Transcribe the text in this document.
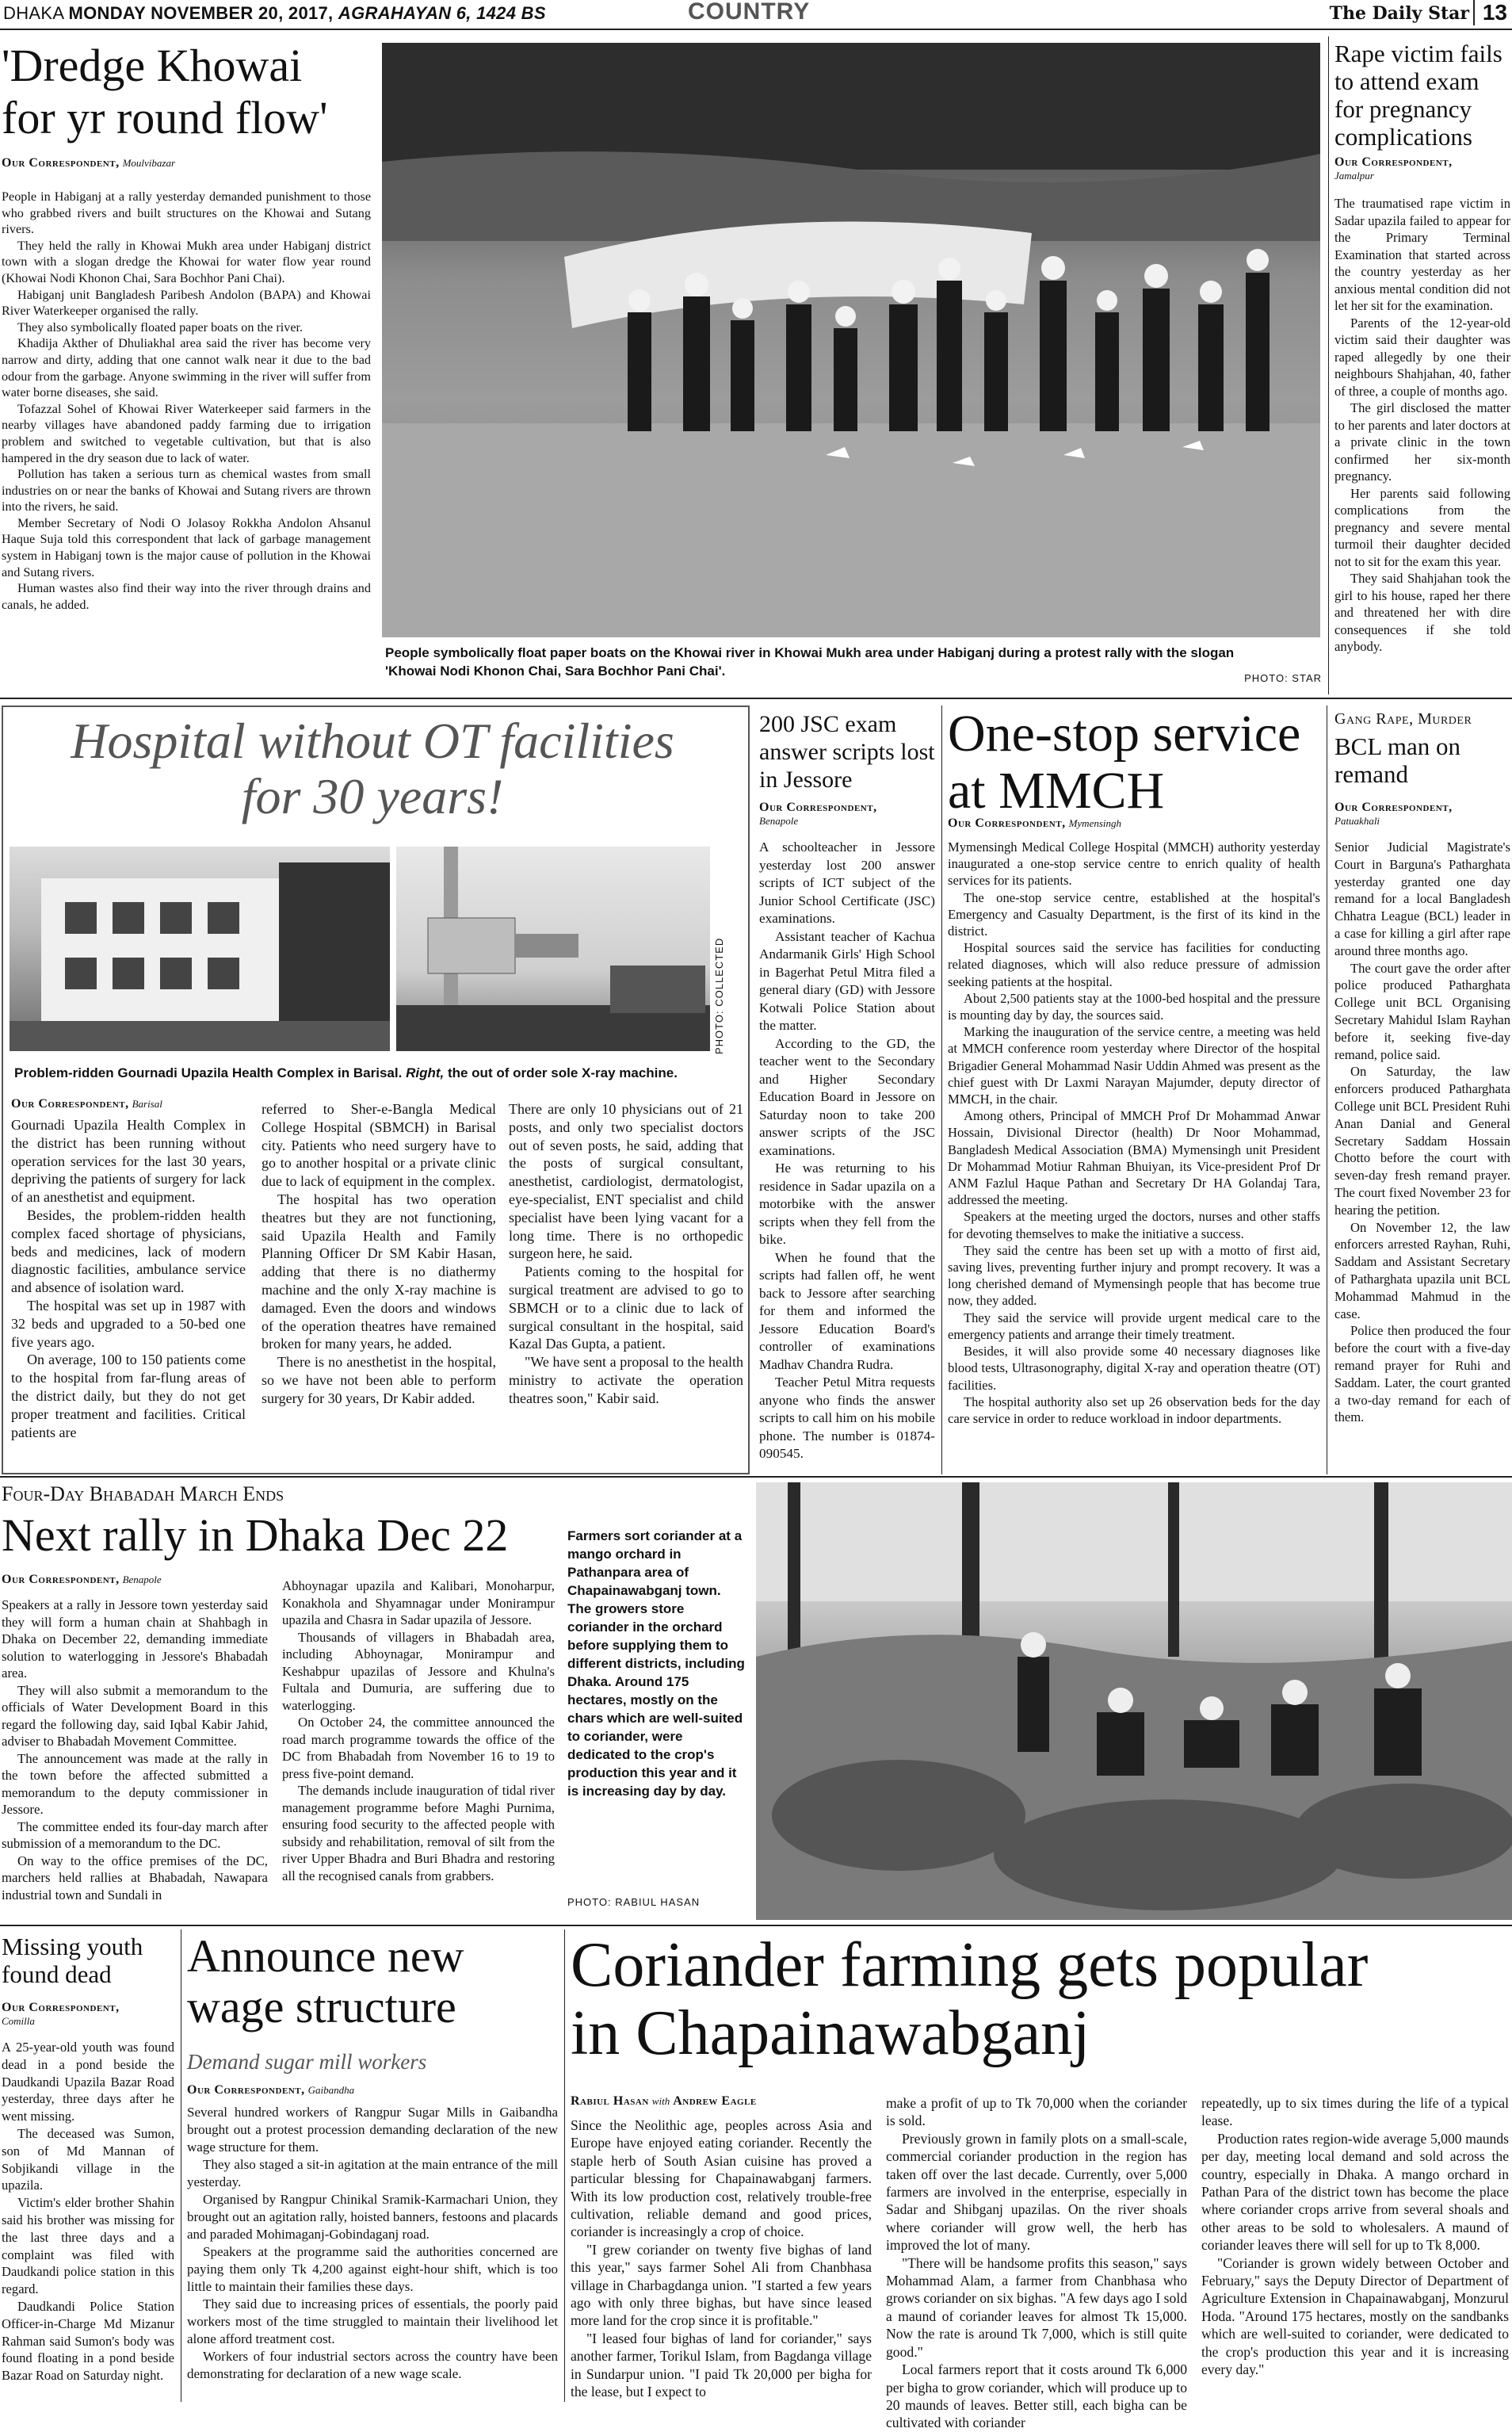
DHAKA MONDAY NOVEMBER 20, 2017, AGRAHAYAN 6, 1424 BS	COUNTRY	The Daily Star 13
'Dredge Khowai
for yr round flow'
Our Correspondent, Moulvibazar

People in Habiganj at a rally yesterday demanded punishment to those who grabbed rivers and built structures on the Khowai and Sutang rivers.

They held the rally in Khowai Mukh area under Habiganj district town with a slogan dredge the Khowai for water flow year round (Khowai Nodi Khonon Chai, Sara Bochhor Pani Chai).

Habiganj unit Bangladesh Paribesh Andolon (BAPA) and Khowai River Waterkeeper organised the rally.

They also symbolically floated paper boats on the river.

Khadija Akther of Dhuliakhal area said the river has become very narrow and dirty, adding that one cannot walk near it due to the bad odour from the garbage. Anyone swimming in the river will suffer from water borne diseases, she said.

Tofazzal Sohel of Khowai River Waterkeeper said farmers in the nearby villages have abandoned paddy farming due to irrigation problem and switched to vegetable cultivation, but that is also hampered in the dry season due to lack of water.

Pollution has taken a serious turn as chemical wastes from small industries on or near the banks of Khowai and Sutang rivers are thrown into the rivers, he said.

Member Secretary of Nodi O Jolasoy Rokkha Andolon Ahsanul Haque Suja told this correspondent that lack of garbage management system in Habiganj town is the major cause of pollution in the Khowai and Sutang rivers.

Human wastes also find their way into the river through drains and canals, he added.

People symbolically float paper boats on the Khowai river in Khowai Mukh area under Habiganj during a protest rally with the slogan 'Khowai Nodi Khonon Chai, Sara Bochhor Pani Chai'.	PHOTO: STAR
Rape victim fails to attend exam for pregnancy complications
Our Correspondent,
Jamalpur

The traumatised rape victim in Sadar upazila failed to appear for the Primary Terminal Examination that started across the country yesterday as her anxious mental condition did not let her sit for the examination.

Parents of the 12-year-old victim said their daughter was raped allegedly by one their neighbours Shahjahan, 40, father of three, a couple of months ago.

The girl disclosed the matter to her parents and later doctors at a private clinic in the town confirmed her six-month pregnancy.

Her parents said following complications from the pregnancy and severe mental turmoil their daughter decided not to sit for the exam this year.

They said Shahjahan took the girl to his house, raped her there and threatened her with dire consequences if she told anybody.

Hospital without OT facilities
for 30 years!
PHOTO: COLLECTED
Problem-ridden Gournadi Upazila Health Complex in Barisal. Right, the out of order sole X-ray machine.
Our Correspondent, Barisal

Gournadi Upazila Health Complex in the district has been running without operation services for the last 30 years, depriving the patients of surgery for lack of an anesthetist and equipment.

Besides, the problem-ridden health complex faced shortage of physicians, beds and medicines, lack of modern diagnostic facilities, ambulance service and absence of isolation ward.

The hospital was set up in 1987 with 32 beds and upgraded to a 50-bed one five years ago.

On average, 100 to 150 patients come to the hospital from far-flung areas of the district daily, but they do not get proper treatment and facilities. Critical patients are

referred to Sher-e-Bangla Medical College Hospital (SBMCH) in Barisal city. Patients who need surgery have to go to another hospital or a private clinic due to lack of equipment in the complex.

The hospital has two operation theatres but they are not functioning, said Upazila Health and Family Planning Officer Dr SM Kabir Hasan, adding that there is no diathermy machine and the only X-ray machine is damaged. Even the doors and windows of the operation theatres have remained broken for many years, he added.

There is no anesthetist in the hospital, so we have not been able to perform surgery for 30 years, Dr Kabir added.

There are only 10 physicians out of 21 posts, and only two specialist doctors out of seven posts, he said, adding that the posts of surgical consultant, anesthetist, cardiologist, dermatologist, eye-specialist, ENT specialist and child specialist have been lying vacant for a long time. There is no orthopedic surgeon here, he said.

Patients coming to the hospital for surgical treatment are advised to go to SBMCH or to a clinic due to lack of surgical consultant in the hospital, said Kazal Das Gupta, a patient.

"We have sent a proposal to the health ministry to activate the operation theatres soon," Kabir said.

200 JSC exam answer scripts lost in Jessore
Our Correspondent,
Benapole

A schoolteacher in Jessore yesterday lost 200 answer scripts of ICT subject of the Junior School Certificate (JSC) examinations.

Assistant teacher of Kachua Andarmanik Girls' High School in Bagerhat Petul Mitra filed a general diary (GD) with Jessore Kotwali Police Station about the matter.

According to the GD, the teacher went to the Secondary and Higher Secondary Education Board in Jessore on Saturday noon to take 200 answer scripts of the JSC examinations.

He was returning to his residence in Sadar upazila on a motorbike with the answer scripts when they fell from the bike.

When he found that the scripts had fallen off, he went back to Jessore after searching for them and informed the Jessore Education Board's controller of examinations Madhav Chandra Rudra.

Teacher Petul Mitra requests anyone who finds the answer scripts to call him on his mobile phone. The number is 01874-090545.

One-stop service
at MMCH
Our Correspondent, Mymensingh

Mymensingh Medical College Hospital (MMCH) authority yesterday inaugurated a one-stop service centre to enrich quality of health services for its patients.

The one-stop service centre, established at the hospital's Emergency and Casualty Department, is the first of its kind in the district.

Hospital sources said the service has facilities for conducting related diagnoses, which will also reduce pressure of admission seeking patients at the hospital.

About 2,500 patients stay at the 1000-bed hospital and the pressure is mounting day by day, the sources said.

Marking the inauguration of the service centre, a meeting was held at MMCH conference room yesterday where Director of the hospital Brigadier General Mohammad Nasir Uddin Ahmed was present as the chief guest with Dr Laxmi Narayan Majumder, deputy director of MMCH, in the chair.

Among others, Principal of MMCH Prof Dr Mohammad Anwar Hossain, Divisional Director (health) Dr Noor Mohammad, Bangladesh Medical Association (BMA) Mymensingh unit President Dr Mohammad Motiur Rahman Bhuiyan, its Vice-president Prof Dr ANM Fazlul Haque Pathan and Secretary Dr HA Golandaj Tara, addressed the meeting.

Speakers at the meeting urged the doctors, nurses and other staffs for devoting themselves to make the initiative a success.

They said the centre has been set up with a motto of first aid, saving lives, preventing further injury and prompt recovery. It was a long cherished demand of Mymensingh people that has become true now, they added.

They said the service will provide urgent medical care to the emergency patients and arrange their timely treatment.

Besides, it will also provide some 40 necessary diagnoses like blood tests, Ultrasonography, digital X-ray and operation theatre (OT) facilities.

The hospital authority also set up 26 observation beds for the day care service in order to reduce workload in indoor departments.

Gang Rape, Murder
BCL man on remand
Our Correspondent,
Patuakhali

Senior Judicial Magistrate's Court in Barguna's Patharghata yesterday granted one day remand for a local Bangladesh Chhatra League (BCL) leader in a case for killing a girl after rape around three months ago.

The court gave the order after police produced Patharghata College unit BCL Organising Secretary Mahidul Islam Rayhan before it, seeking five-day remand, police said.

On Saturday, the law enforcers produced Patharghata College unit BCL President Ruhi Anan Danial and General Secretary Saddam Hossain Chotto before the court with seven-day fresh remand prayer. The court fixed November 23 for hearing the petition.

On November 12, the law enforcers arrested Rayhan, Ruhi, Saddam and Assistant Secretary of Patharghata upazila unit BCL Mohammad Mahmud in the case.

Police then produced the four before the court with a five-day remand prayer for Ruhi and Saddam. Later, the court granted a two-day remand for each of them.

Four-Day Bhabadah March Ends
Next rally in Dhaka Dec 22
Our Correspondent, Benapole

Speakers at a rally in Jessore town yesterday said they will form a human chain at Shahbagh in Dhaka on December 22, demanding immediate solution to waterlogging in Jessore's Bhabadah area.

They will also submit a memorandum to the officials of Water Development Board in this regard the following day, said Iqbal Kabir Jahid, adviser to Bhabadah Movement Committee.

The announcement was made at the rally in the town before the affected submitted a memorandum to the deputy commissioner in Jessore.

The committee ended its four-day march after submission of a memorandum to the DC.

On way to the office premises of the DC, marchers held rallies at Bhabadah, Nawapara industrial town and Sundali in

Abhoynagar upazila and Kalibari, Monoharpur, Konakhola and Shyamnagar under Monirampur upazila and Chasra in Sadar upazila of Jessore.

Thousands of villagers in Bhabadah area, including Abhoynagar, Monirampur and Keshabpur upazilas of Jessore and Khulna's Fultala and Dumuria, are suffering due to waterlogging.

On October 24, the committee announced the road march programme towards the office of the DC from Bhabadah from November 16 to 19 to press five-point demand.

The demands include inauguration of tidal river management programme before Maghi Purnima, ensuring food security to the affected people with subsidy and rehabilitation, removal of silt from the river Upper Bhadra and Buri Bhadra and restoring all the recognised canals from grabbers.

Farmers sort coriander at a mango orchard in Pathanpara area of Chapainawabganj town. The growers store coriander in the orchard before supplying them to different districts, including Dhaka. Around 175 hectares, mostly on the chars which are well-suited to coriander, were dedicated to the crop's production this year and it is increasing day by day.
PHOTO: RABIUL HASAN
Missing youth found dead
Our Correspondent,
Comilla

A 25-year-old youth was found dead in a pond beside the Daudkandi Upazila Bazar Road yesterday, three days after he went missing.

The deceased was Sumon, son of Md Mannan of Sobjikandi village in the upazila.

Victim's elder brother Shahin said his brother was missing for the last three days and a complaint was filed with Daudkandi police station in this regard.

Daudkandi Police Station Officer-in-Charge Md Mizanur Rahman said Sumon's body was found floating in a pond beside Bazar Road on Saturday night.

Announce new
wage structure
Demand sugar mill workers
Our Correspondent, Gaibandha

Several hundred workers of Rangpur Sugar Mills in Gaibandha brought out a protest procession demanding declaration of the new wage structure for them.

They also staged a sit-in agitation at the main entrance of the mill yesterday.

Organised by Rangpur Chinikal Sramik-Karmachari Union, they brought out an agitation rally, hoisted banners, festoons and placards and paraded Mohimaganj-Gobindaganj road.

Speakers at the programme said the authorities concerned are paying them only Tk 4,200 against eight-hour shift, which is too little to maintain their families these days.

They said due to increasing prices of essentials, the poorly paid workers most of the time struggled to maintain their livelihood let alone afford treatment cost.

Workers of four industrial sectors across the country have been demonstrating for declaration of a new wage scale.

Coriander farming gets popular
in Chapainawabganj
Rabiul Hasan with Andrew Eagle

Since the Neolithic age, peoples across Asia and Europe have enjoyed eating coriander. Recently the staple herb of South Asian cuisine has proved a particular blessing for Chapainawabganj farmers. With its low production cost, relatively trouble-free cultivation, reliable demand and good prices, coriander is increasingly a crop of choice.

"I grew coriander on twenty five bighas of land this year," says farmer Sohel Ali from Chanbhasa village in Charbagdanga union. "I started a few years ago with only three bighas, but have since leased more land for the crop since it is profitable."

"I leased four bighas of land for coriander," says another farmer, Torikul Islam, from Bagdanga village in Sundarpur union. "I paid Tk 20,000 per bigha for the lease, but I expect to

make a profit of up to Tk 70,000 when the coriander is sold.

Previously grown in family plots on a small-scale, commercial coriander production in the region has taken off over the last decade. Currently, over 5,000 farmers are involved in the enterprise, especially in Sadar and Shibganj upazilas. On the river shoals where coriander will grow well, the herb has improved the lot of many.

"There will be handsome profits this season," says Mohammad Alam, a farmer from Chanbhasa who grows coriander on six bighas. "A few days ago I sold a maund of coriander leaves for almost Tk 15,000. Now the rate is around Tk 7,000, which is still quite good."

Local farmers report that it costs around Tk 6,000 per bigha to grow coriander, which will produce up to 20 maunds of leaves. Better still, each bigha can be cultivated with coriander

repeatedly, up to six times during the life of a typical lease.

Production rates region-wide average 5,000 maunds per day, meeting local demand and sold across the country, especially in Dhaka. A mango orchard in Pathan Para of the district town has become the place where coriander crops arrive from several shoals and other areas to be sold to wholesalers. A maund of coriander leaves there will sell for up to Tk 8,000.

"Coriander is grown widely between October and February," says the Deputy Director of Department of Agriculture Extension in Chapainawabganj, Monzurul Hoda. "Around 175 hectares, mostly on the sandbanks which are well-suited to coriander, were dedicated to the crop's production this year and it is increasing every day."
